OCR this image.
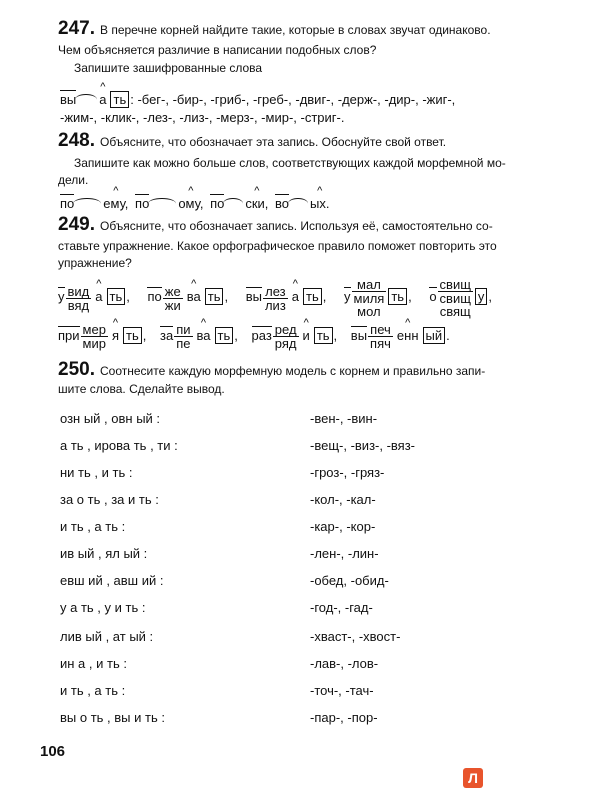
247. В перечне корней найдите такие, которые в словах звучат одинаково.
Чем объясняется различие в написании подобных слов?
Запишите зашифрованные слова
вы ^ а ть : -бег-, -бир-, -гриб-, -греб-, -двиг-, -держ-, -дир-, -жиг-,
-жим-, -клик-, -лез-, -лиз-, -мерз-, -мир-, -стриг-.
248. Объясните, что обозначает эта запись. Обоснуйте свой ответ.
Запишите как можно больше слов, соответствующих каждой морфемной мо-
дели.
по ^ ему, по ^ ому, по ^ ски, во ^ ых.
249. Объясните, что обозначает запись. Используя её, самостоятельно со-
ставьте упражнение. Какое орфографическое правило поможет повторить это
упражнение?
у вид
вяд
^ а ть , по же
жи
^ ва ть , вы лез
лиз
^ а ть , у
мал
миля
мол
ть , о
свищ
свищ
свящ
у ,
при мер
мир
^ я ть , за пи
пе
^ ва ть , раз ред
ряд
^ и ть , вы печ
пяч
^ енн ый .
250. Соотнесите каждую морфемную модель с корнем и правильно запи-
шите слова. Сделайте вывод.
озн ый , овн ый :	-вен-, -вин-
а ть , ирова ть , ти :	-вещ-, -виз-, -вяз-
ни ть , и ть :	-гроз-, -гряз-
за о ть , за и ть :	-кол-, -кал-
и ть , а ть :	-кар-, -кор-
ив ый , ял ый :	-лен-, -лин-
евш ий , авш ий :	-обед, -обид-
у а ть , у и ть :	-год-, -гад-
лив ый , ат ый :	-хваст-, -хвост-
ин а , и ть :	-лав-, -лов-
и ть , а ть :	-точ-, -тач-
вы о ть , вы и ть :	-пар-, -пор-
106
Л
